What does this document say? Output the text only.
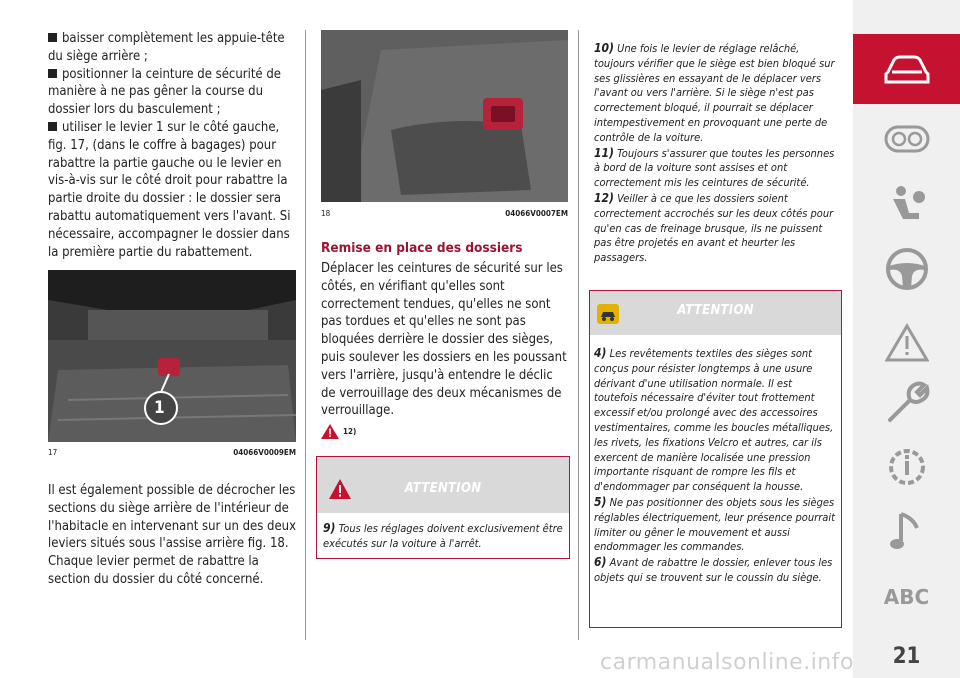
baisser complètement les appuie-tête du siège arrière ;

positionner la ceinture de sécurité de manière à ne pas gêner la course du dossier lors du basculement ;

utiliser le levier 1 sur le côté gauche, fig. 17, (dans le coffre à bagages) pour rabattre la partie gauche ou le levier en vis-à-vis sur le côté droit pour rabattre la partie droite du dossier : le dossier sera rabattu automatiquement vers l'avant. Si nécessaire, accompagner le dossier dans la première partie du rabattement.

1
17	04066V0009EM

Il est également possible de décrocher les sections du siège arrière de l'intérieur de l'habitacle en intervenant sur un des deux leviers situés sous l'assise arrière fig. 18. Chaque levier permet de rabattre la section du dossier du côté concerné.

18	04066V0007EM
Remise en place des dossiers

Déplacer les ceintures de sécurité sur les côtés, en vérifiant qu'elles sont correctement tendues, qu'elles ne sont pas tordues et qu'elles ne sont pas bloquées derrière le dossier des sièges, puis soulever les dossiers en les poussant vers l'arrière, jusqu'à entendre le déclic de verrouillage des deux mécanismes de verrouillage.

12)
ATTENTION

9) Tous les réglages doivent exclusivement être exécutés sur la voiture à l'arrêt.

10) Une fois le levier de réglage relâché, toujours vérifier que le siège est bien bloqué sur ses glissières en essayant de le déplacer vers l'avant ou vers l'arrière. Si le siège n'est pas correctement bloqué, il pourrait se déplacer intempestivement en provoquant une perte de contrôle de la voiture.

11) Toujours s'assurer que toutes les personnes à bord de la voiture sont assises et ont correctement mis les ceintures de sécurité.

12) Veiller à ce que les dossiers soient correctement accrochés sur les deux côtés pour qu'en cas de freinage brusque, ils ne puissent pas être projetés en avant et heurter les passagers.

ATTENTION

4) Les revêtements textiles des sièges sont conçus pour résister longtemps à une usure dérivant d'une utilisation normale. Il est toutefois nécessaire d'éviter tout frottement excessif et/ou prolongé avec des accessoires vestimentaires, comme les boucles métalliques, les rivets, les fixations Velcro et autres, car ils exercent de manière localisée une pression importante risquant de rompre les fils et d'endommager par conséquent la housse.

5) Ne pas positionner des objets sous les sièges réglables électriquement, leur présence pourrait limiter ou gêner le mouvement et aussi endommager les commandes.

6) Avant de rabattre le dossier, enlever tous les objets qui se trouvent sur le coussin du siège.

ABC
21
carmanualsonline.info
